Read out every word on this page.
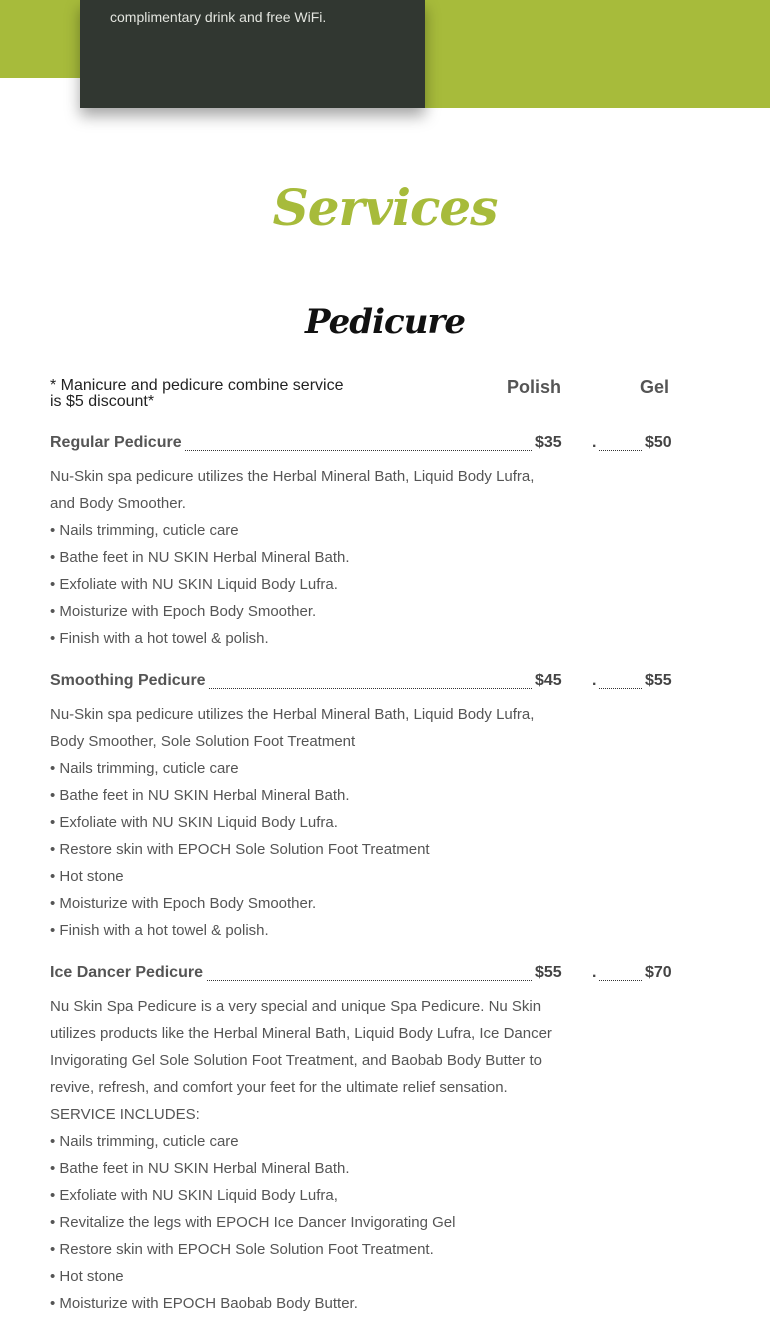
complimentary drink and free WiFi.

Services
Pedicure
* Manicure and pedicure combine service is $5 discount*
Polish	Gel
Regular Pedicure	$35 .	$50
Nu-Skin spa pedicure utilizes the Herbal Mineral Bath, Liquid Body Lufra, and Body Smoother.
• Nails trimming, cuticle care
• Bathe feet in NU SKIN Herbal Mineral Bath.
• Exfoliate with NU SKIN Liquid Body Lufra.
• Moisturize with Epoch Body Smoother.
• Finish with a hot towel & polish.
Smoothing Pedicure	$45 .	$55
Nu-Skin spa pedicure utilizes the Herbal Mineral Bath, Liquid Body Lufra, Body Smoother, Sole Solution Foot Treatment
• Nails trimming, cuticle care
• Bathe feet in NU SKIN Herbal Mineral Bath.
• Exfoliate with NU SKIN Liquid Body Lufra.
• Restore skin with EPOCH Sole Solution Foot Treatment
• Hot stone
• Moisturize with Epoch Body Smoother.
• Finish with a hot towel & polish.
Ice Dancer Pedicure	$55 .	$70
Nu Skin Spa Pedicure is a very special and unique Spa Pedicure. Nu Skin utilizes products like the Herbal Mineral Bath, Liquid Body Lufra, Ice Dancer Invigorating Gel Sole Solution Foot Treatment, and Baobab Body Butter to revive, refresh, and comfort your feet for the ultimate relief sensation.
SERVICE INCLUDES:
• Nails trimming, cuticle care
• Bathe feet in NU SKIN Herbal Mineral Bath.
• Exfoliate with NU SKIN Liquid Body Lufra,
• Revitalize the legs with EPOCH Ice Dancer Invigorating Gel
• Restore skin with EPOCH Sole Solution Foot Treatment.
• Hot stone
• Moisturize with EPOCH Baobab Body Butter.
